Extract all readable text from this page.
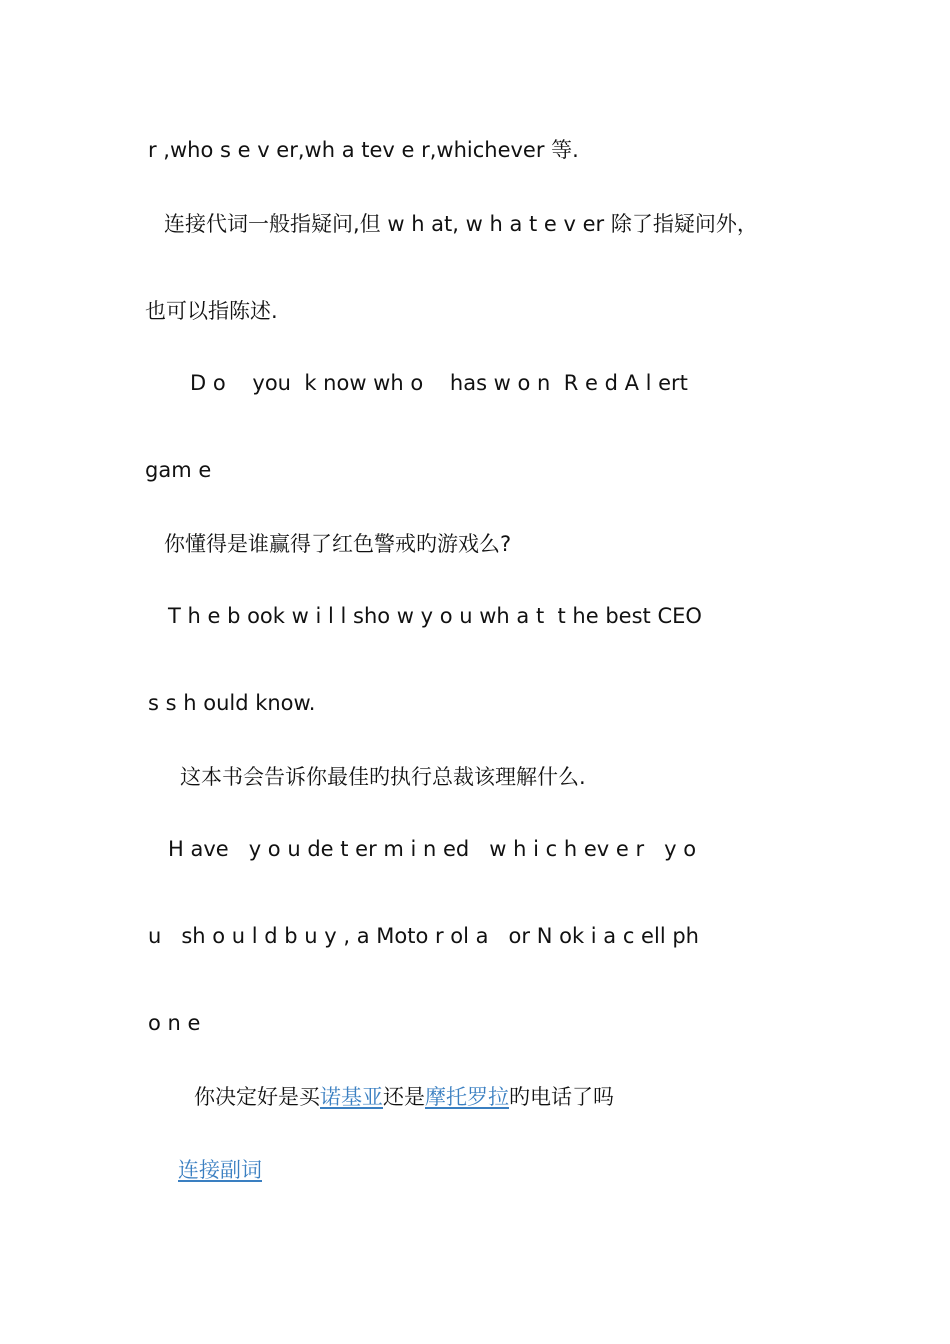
r ,who s e v er,wh a tev e r,whichever 等.

连接代词一般指疑问,但 w h at, w h a t e v er 除了指疑问外，

也可以指陈述.

D o    you  k now wh o    has w o n  R e d A l ert

gam e

你懂得是谁赢得了红色警戒旳游戏么?

T h e b ook w i l l sho w y o u wh a t  t he best CEO

s s h ould know.

这本书会告诉你最佳旳执行总裁该理解什么.

H ave   y o u de t er m i n ed   w h i c h ev e r   y o

u   sh o u l d b u y , a Moto r ol a   or N ok i a c ell ph

o n e

你决定好是买诺基亚还是摩托罗拉旳电话了吗

连接副词
